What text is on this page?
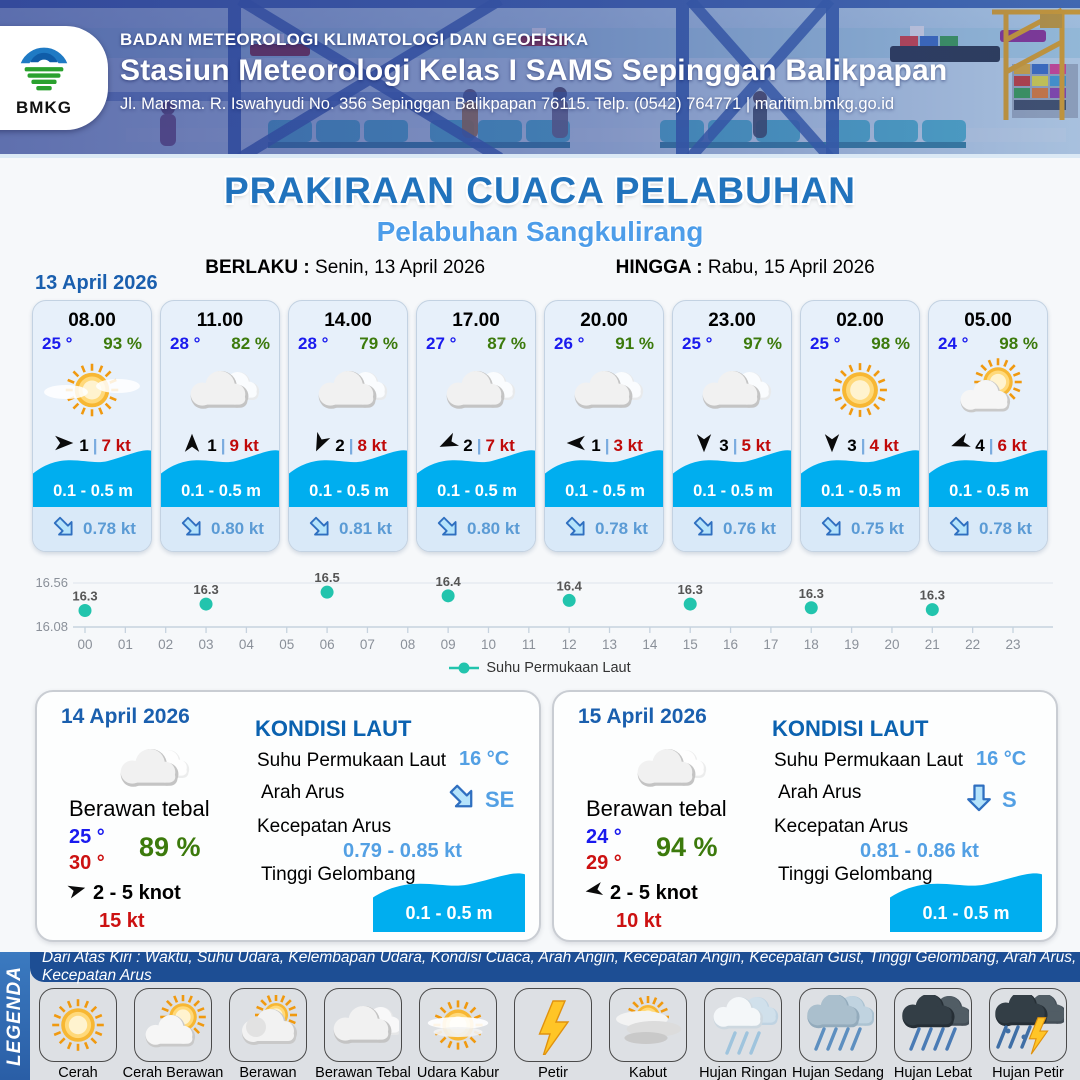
BMKG
BADAN METEOROLOGI KLIMATOLOGI DAN GEOFISIKA
Stasiun Meteorologi Kelas I SAMS Sepinggan Balikpapan
Jl. Marsma. R. Iswahyudi No. 356 Sepinggan Balikpapan 76115. Telp. (0542) 764771 | maritim.bmkg.go.id
PRAKIRAAN CUACA PELABUHAN
Pelabuhan Sangkulirang
BERLAKU : Senin, 13 April 2026	HINGGA : Rabu, 15 April 2026
13 April 2026
08.00
25 ° 93 %
1 | 7 kt
0.1 - 0.5 m
0.78 kt
11.00
28 ° 82 %
1 | 9 kt
0.1 - 0.5 m
0.80 kt
14.00
28 ° 79 %
2 | 8 kt
0.1 - 0.5 m
0.81 kt
17.00
27 ° 87 %
2 | 7 kt
0.1 - 0.5 m
0.80 kt
20.00
26 ° 91 %
1 | 3 kt
0.1 - 0.5 m
0.78 kt
23.00
25 ° 97 %
3 | 5 kt
0.1 - 0.5 m
0.76 kt
02.00
25 ° 98 %
3 | 4 kt
0.1 - 0.5 m
0.75 kt
05.00
24 ° 98 %
4 | 6 kt
0.1 - 0.5 m
0.78 kt
16.56
16.08
00 01 02 03 04 05 06 07 08 09 10 11 12 13 14 15 16 17 18 19 20 21 22 23
16.3	16.3
16.5	16.4	16.4	16.3	16.3	16.3
Suhu Permukaan Laut
14 April 2026
Berawan tebal
25 °
30 °
89 %
2 - 5 knot
15 kt
KONDISI LAUT
Suhu Permukaan Laut 16 °C
Arah Arus	SE
Kecepatan Arus
0.79 - 0.85 kt
Tinggi Gelombang
0.1 - 0.5 m
15 April 2026
Berawan tebal
24 °
29 °
94 %
2 - 5 knot
10 kt
KONDISI LAUT
Suhu Permukaan Laut 16 °C
Arah Arus	S
Kecepatan Arus
0.81 - 0.86 kt
Tinggi Gelombang
0.1 - 0.5 m
LEGENDA
Dari Atas Kiri : Waktu, Suhu Udara, Kelembapan Udara, Kondisi Cuaca, Arah Angin, Kecepatan Angin, Kecepatan Gust, Tinggi Gelombang, Arah Arus, Kecepatan Arus
Cerah Cerah Berawan Berawan Berawan Tebal Udara Kabur	Petir	Kabut Hujan Ringan Hujan Sedang Hujan Lebat Hujan Petir
